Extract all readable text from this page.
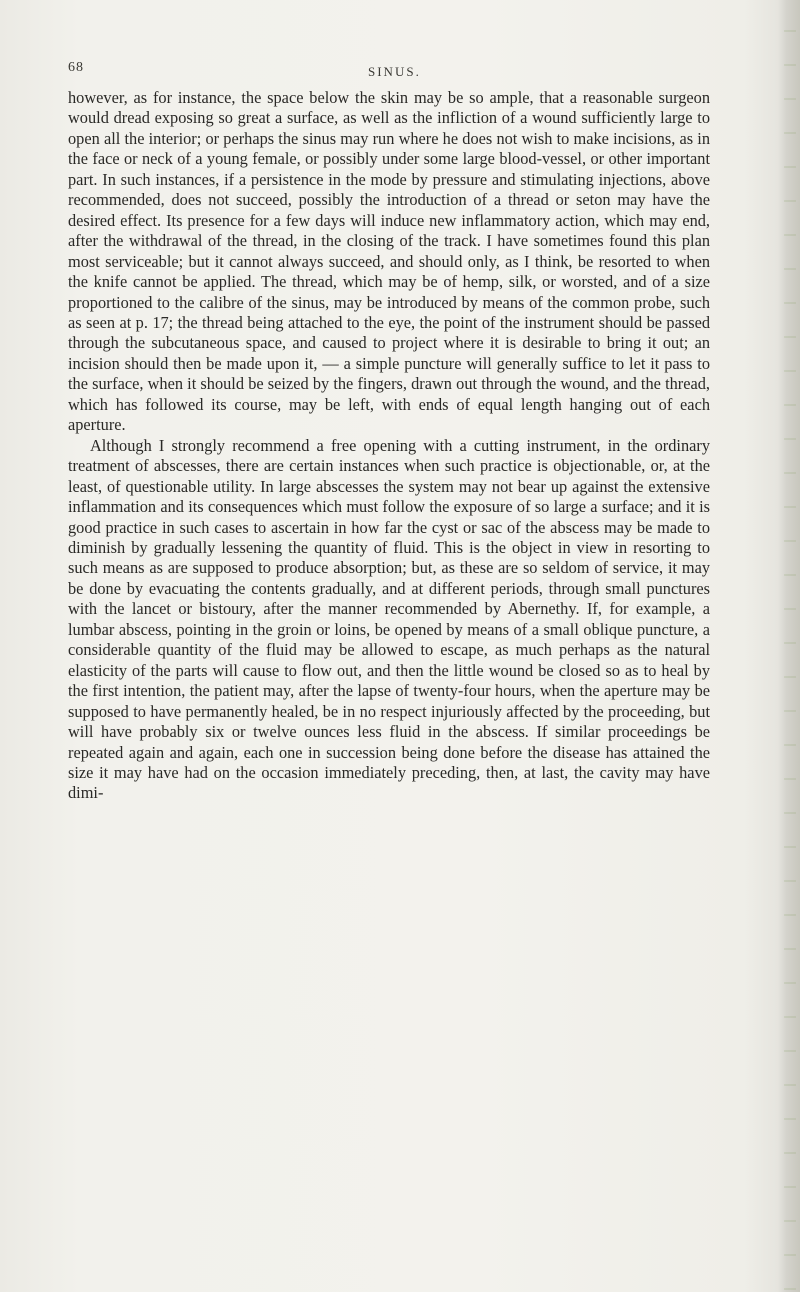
68	SINUS.

however, as for instance, the space below the skin may be so ample, that a reasonable surgeon would dread exposing so great a surface, as well as the infliction of a wound sufficiently large to open all the interior; or perhaps the sinus may run where he does not wish to make incisions, as in the face or neck of a young female, or possibly under some large blood-vessel, or other important part. In such instances, if a persistence in the mode by pressure and stimulating injections, above recommended, does not succeed, possibly the introduction of a thread or seton may have the desired effect. Its presence for a few days will induce new inflammatory action, which may end, after the withdrawal of the thread, in the closing of the track. I have sometimes found this plan most serviceable; but it cannot always succeed, and should only, as I think, be resorted to when the knife cannot be applied. The thread, which may be of hemp, silk, or worsted, and of a size proportioned to the calibre of the sinus, may be introduced by means of the common probe, such as seen at p. 17; the thread being attached to the eye, the point of the instrument should be passed through the subcutaneous space, and caused to project where it is desirable to bring it out; an incision should then be made upon it, — a simple puncture will generally suffice to let it pass to the surface, when it should be seized by the fingers, drawn out through the wound, and the thread, which has followed its course, may be left, with ends of equal length hanging out of each aperture.

Although I strongly recommend a free opening with a cutting instrument, in the ordinary treatment of abscesses, there are certain instances when such practice is objectionable, or, at the least, of questionable utility. In large abscesses the system may not bear up against the extensive inflammation and its consequences which must follow the exposure of so large a surface; and it is good practice in such cases to ascertain in how far the cyst or sac of the abscess may be made to diminish by gradually lessening the quantity of fluid. This is the object in view in resorting to such means as are supposed to produce absorption; but, as these are so seldom of service, it may be done by evacuating the contents gradually, and at different periods, through small punctures with the lancet or bistoury, after the manner recommended by Abernethy. If, for example, a lumbar abscess, pointing in the groin or loins, be opened by means of a small oblique puncture, a considerable quantity of the fluid may be allowed to escape, as much perhaps as the natural elasticity of the parts will cause to flow out, and then the little wound be closed so as to heal by the first intention, the patient may, after the lapse of twenty-four hours, when the aperture may be supposed to have permanently healed, be in no respect injuriously affected by the proceeding, but will have probably six or twelve ounces less fluid in the abscess. If similar proceedings be repeated again and again, each one in succession being done before the disease has attained the size it may have had on the occasion immediately preceding, then, at last, the cavity may have dimi-
